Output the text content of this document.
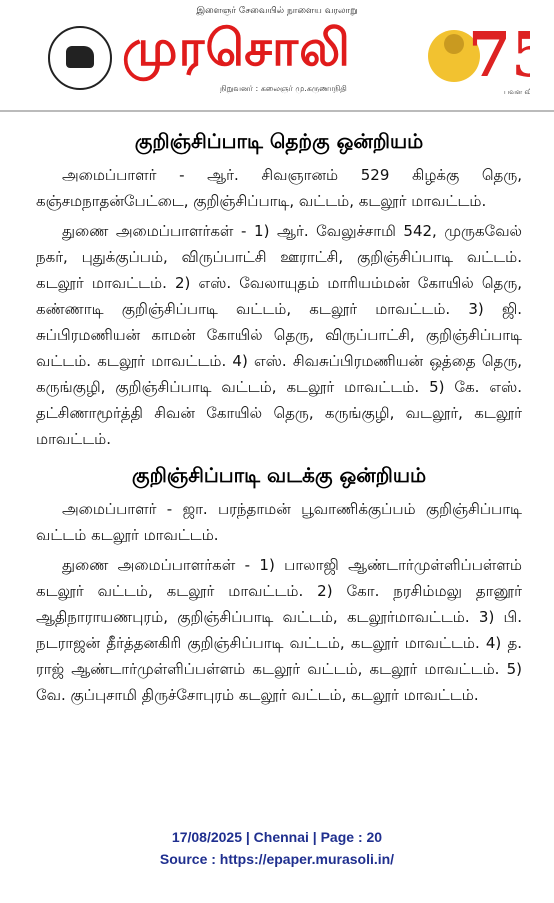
இளைஞர் சேவையில் நாளைய வரலாறு
முரசொலி
நிறுவனர் : கலைஞர் மு.கருணாநிதி 7
பவள வி
குறிஞ்சிப்பாடி தெற்கு ஒன்றியம்

அமைப்பாளர் - ஆர். சிவஞானம் 529 கிழக்கு தெரு, கஞ்சமநாதன்பேட்டை, குறிஞ்சிப்பாடி, வட்டம், கடலூர் மாவட்டம்.

துணை அமைப்பாளர்கள் - 1) ஆர். வேலுச்சாமி 542, முருகவேல் நகர், புதுக்குப்பம், விருப்பாட்சி ஊராட்சி, குறிஞ்சிப்பாடி வட்டம். கடலூர் மாவட்டம். 2) எஸ். வேலாயுதம் மாரியம்மன் கோயில் தெரு, கண்ணாடி குறிஞ்சிப்பாடி வட்டம், கடலூர் மாவட்டம். 3) ஜி. சுப்பிரமணியன் காமன் கோயில் தெரு, விருப்பாட்சி, குறிஞ்சிப்பாடி வட்டம். கடலூர் மாவட்டம். 4) எஸ். சிவசுப்பிரமணியன் ஒத்தை தெரு, கருங்குழி, குறிஞ்சிப்பாடி வட்டம், கடலூர் மாவட்டம். 5) கே. எஸ். தட்சிணாமூர்த்தி சிவன் கோயில் தெரு, கருங்குழி, வடலூர், கடலூர் மாவட்டம்.

குறிஞ்சிப்பாடி வடக்கு ஒன்றியம்

அமைப்பாளர் - ஜா. பரந்தாமன் பூவாணிக்குப்பம் குறிஞ்சிப்பாடி வட்டம் கடலூர் மாவட்டம்.

துணை அமைப்பாளர்கள் - 1) பாலாஜி ஆண்டார்முள்ளிப்பள்ளம் கடலூர் வட்டம், கடலூர் மாவட்டம். 2) கோ. நரசிம்மலு தானூர் ஆதிநாராயணபுரம், குறிஞ்சிப்பாடி வட்டம், கடலூர்மாவட்டம். 3) பி. நடராஜன் தீர்த்தனகிரி குறிஞ்சிப்பாடி வட்டம், கடலூர் மாவட்டம். 4) த. ராஜ் ஆண்டார்முள்ளிப்பள்ளம் கடலூர் வட்டம், கடலூர் மாவட்டம். 5) வே. குப்புசாமி திருச்சோபுரம் கடலூர் வட்டம், கடலூர் மாவட்டம்.

17/08/2025 | Chennai | Page : 20
Source : https://epaper.murasoli.in/
